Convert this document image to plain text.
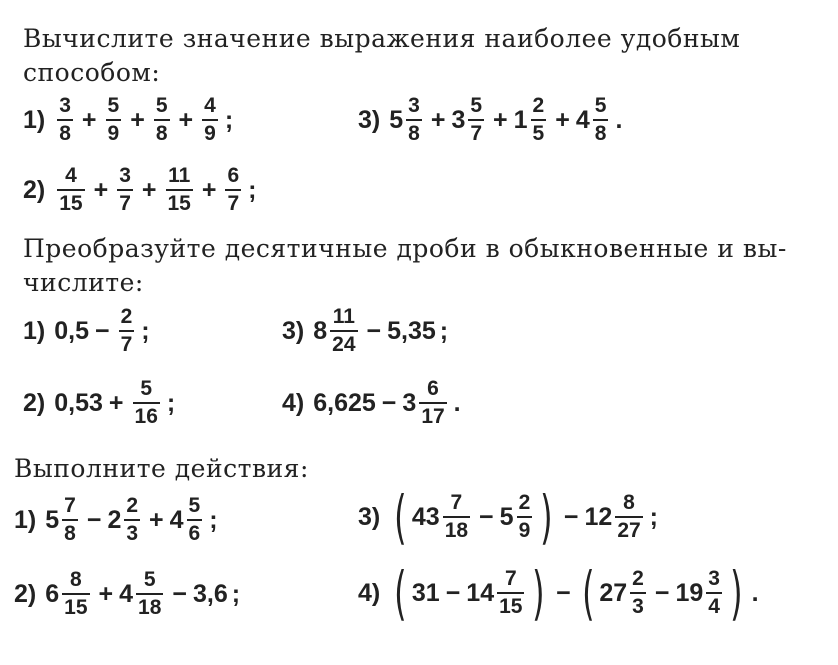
Вычислите значение выражения наиболее удобным
способом:
$1) \frac{3}{8} + \frac{5}{9} + \frac{5}{8} + \frac{4}{9}$ ;	3) $5 \frac{3}{8} + 3 \frac{5}{7} + 1 \frac{2}{5} + 4 \frac{5}{8}$ .
$2) \frac{4}{15} + \frac{3}{7} + \frac{11}{15} + \frac{6}{7}$ ;
Преобразуйте десятичные дроби в обыкновенные и вы-
числите:
1) $0,5 - \frac{2}{7}$ ;	3) $8 \frac{11}{24} - 5,35$ ;
2) $0,53 + \frac{5}{16}$ ;	4) $6,625 - 3 \frac{6}{17}$ .
Выполните действия:
1) $5 \frac{7}{8} - 2 \frac{2}{3} + 4 \frac{5}{6}$ ;	3) ( $43 \frac{7}{18} - 5 \frac{2}{9}$ ) − $12 \frac{8}{27}$ ;
2) $6 \frac{8}{15} + 4 \frac{5}{18} - 3,6$ ;	4) ( $31 - 14 \frac{7}{15}$ ) − ( $27 \frac{2}{3} - 19 \frac{3}{4}$ ) .
